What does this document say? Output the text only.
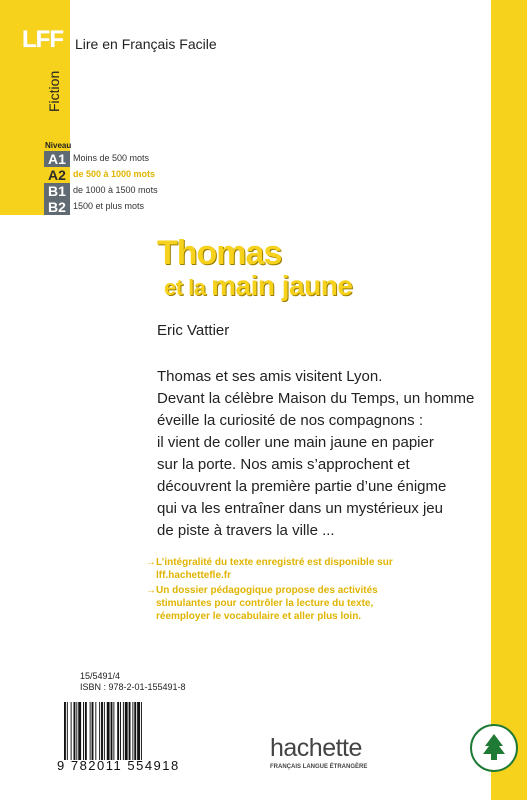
LFF Lire en Français Facile
Fiction
Niveau
A1 Moins de 500 mots
A2 de 500 à 1000 mots
B1 de 1000 à 1500 mots
B2 1500 et plus mots
Thomas
et la main jaune
Eric Vattier
Thomas et ses amis visitent Lyon.
Devant la célèbre Maison du Temps, un homme
éveille la curiosité de nos compagnons :
il vient de coller une main jaune en papier
sur la porte. Nos amis s’approchent et
découvrent la première partie d’une énigme
qui va les entraîner dans un mystérieux jeu
de piste à travers la ville ...
→ L’intégralité du texte enregistré est disponible sur
lff.hachettefle.fr
→ Un dossier pédagogique propose des activités
stimulantes pour contrôler la lecture du texte,
réemployer le vocabulaire et aller plus loin.
15/5491/4
ISBN : 978-2-01-155491-8
9 782011 554918
hachette
FRANÇAIS LANGUE ÉTRANGÈRE
